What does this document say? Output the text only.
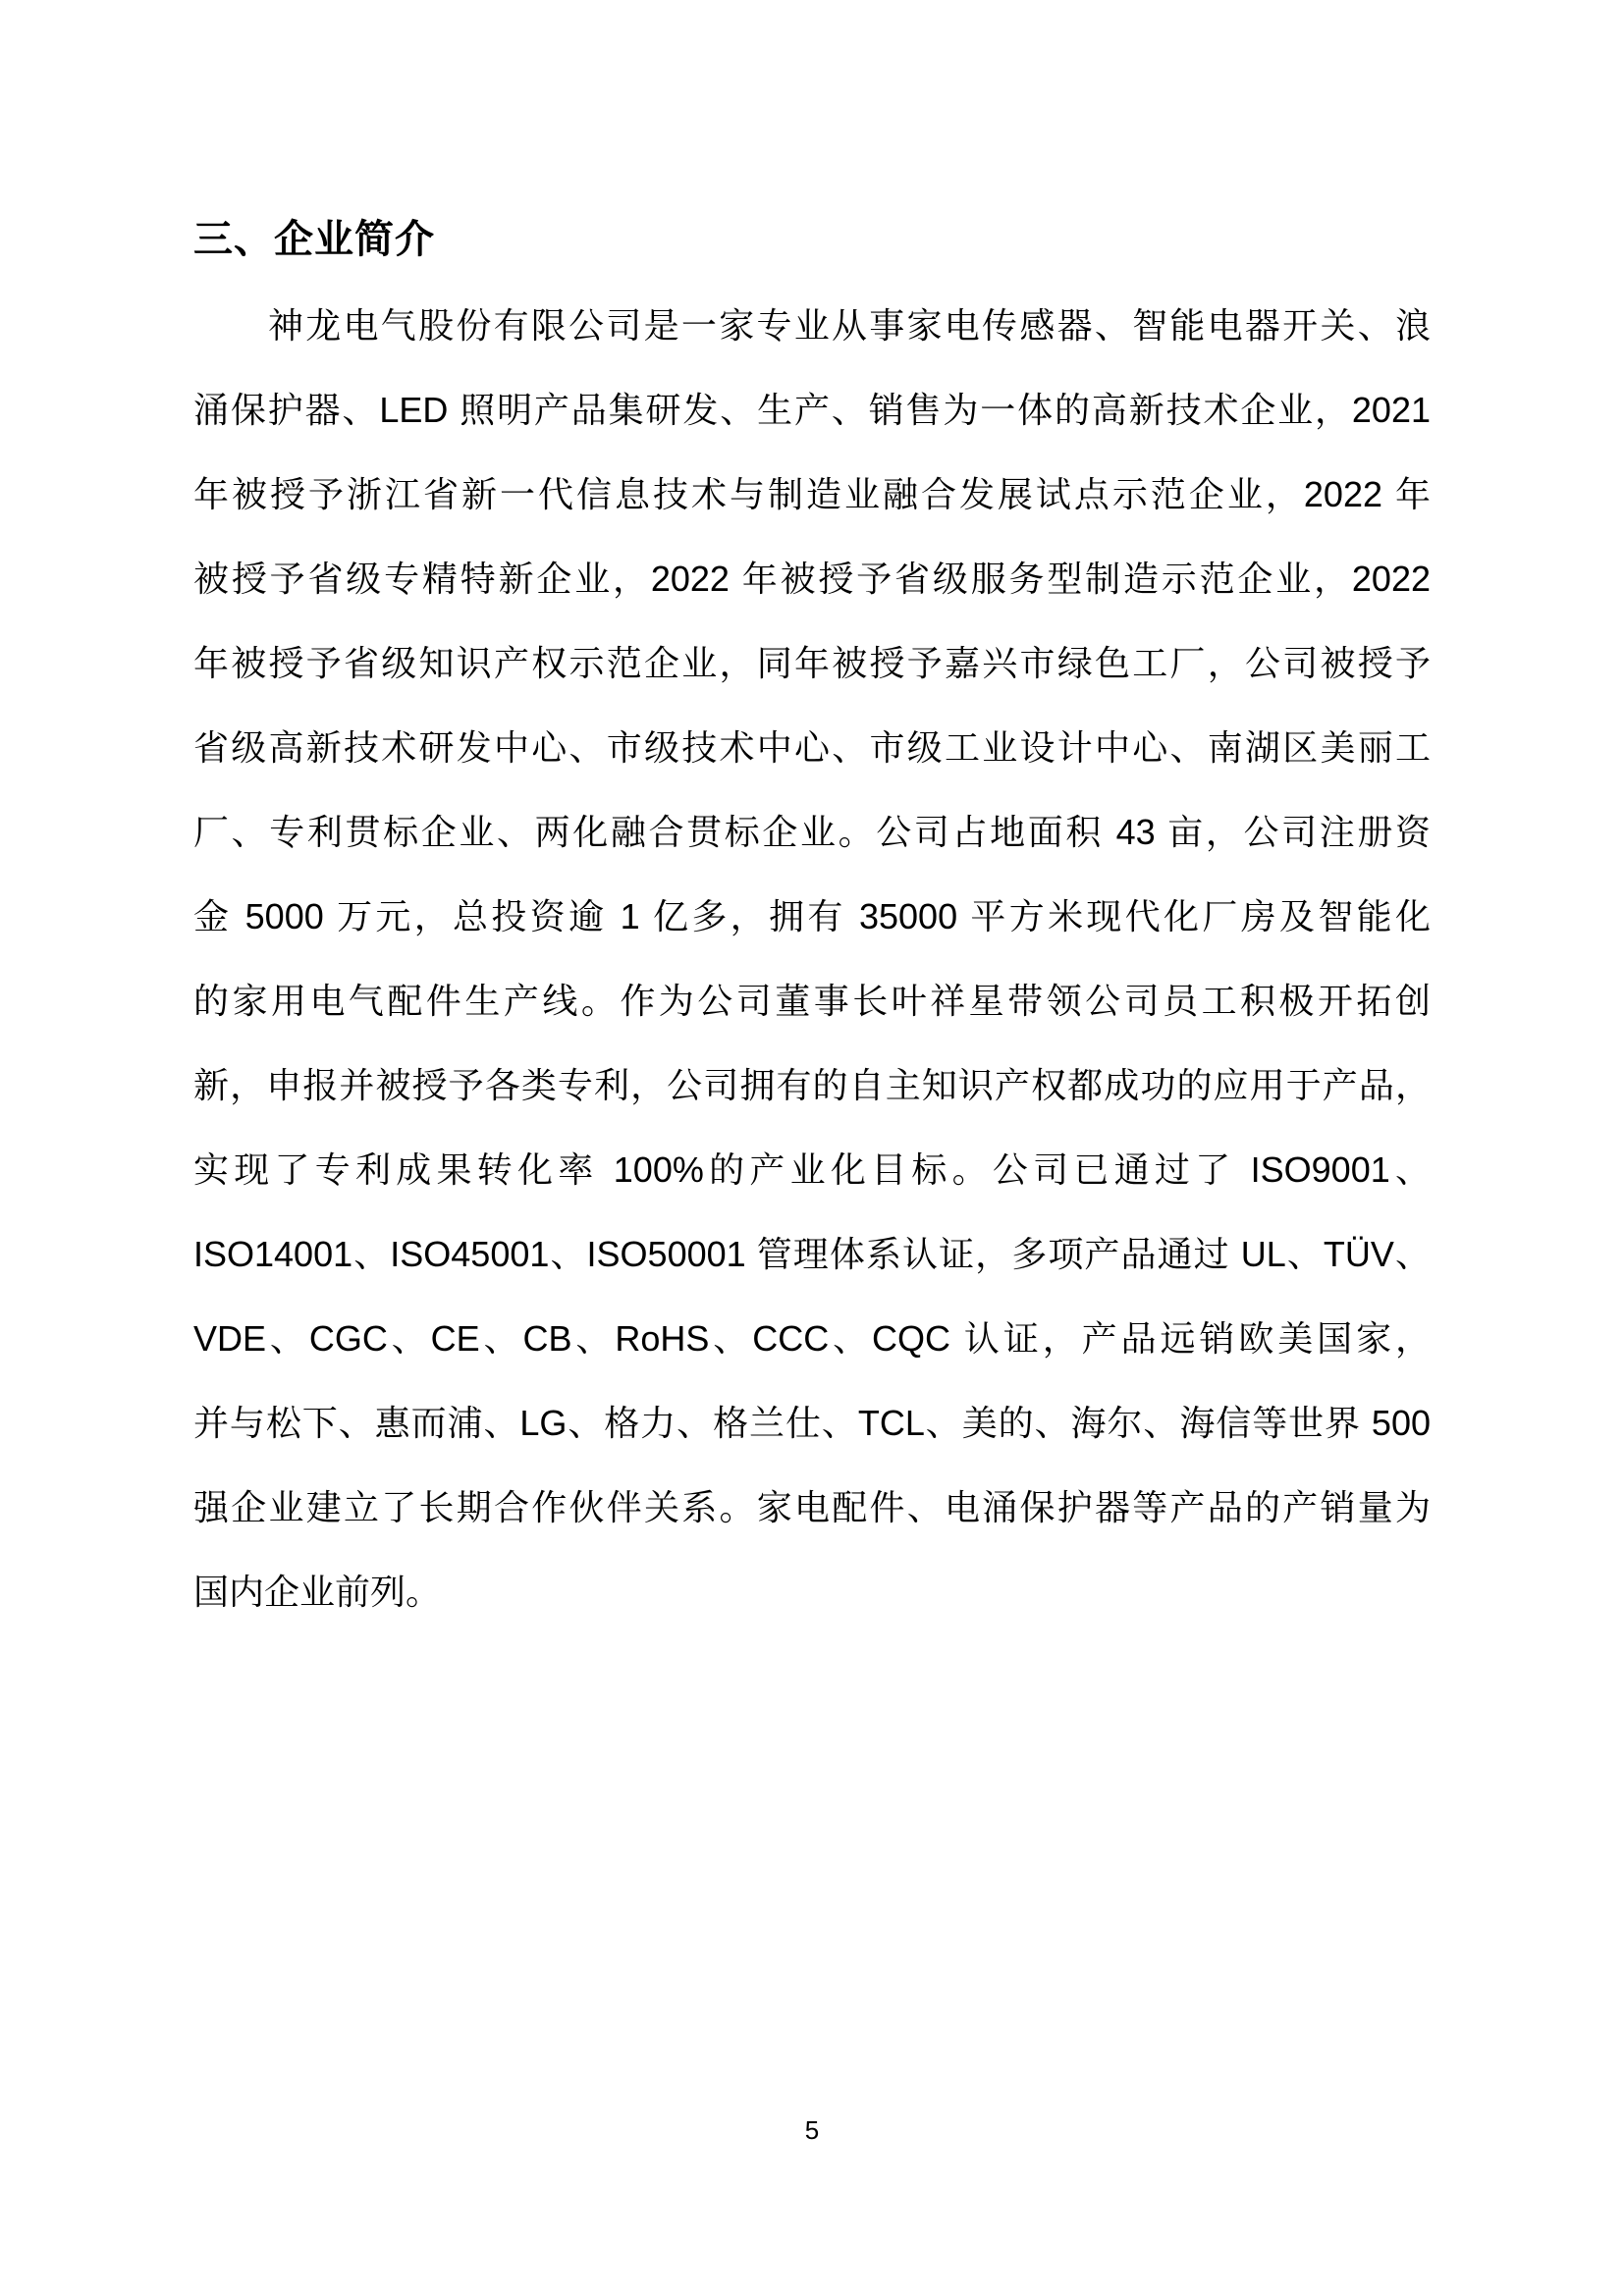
三、企业简介
神龙电气股份有限公司是一家专业从事家电传感器、智能电器开关、浪
涌保护器、LED 照明产品集研发、生产、销售为一体的高新技术企业，2021
年被授予浙江省新一代信息技术与制造业融合发展试点示范企业，2022 年
被授予省级专精特新企业，2022 年被授予省级服务型制造示范企业，2022
年被授予省级知识产权示范企业，同年被授予嘉兴市绿色工厂，公司被授予
省级高新技术研发中心、市级技术中心、市级工业设计中心、南湖区美丽工
厂、专利贯标企业、两化融合贯标企业。公司占地面积 43 亩，公司注册资
金 5000 万元，总投资逾 1 亿多，拥有 35000 平方米现代化厂房及智能化
的家用电气配件生产线。作为公司董事长叶祥星带领公司员工积极开拓创
新，申报并被授予各类专利，公司拥有的自主知识产权都成功的应用于产品，
实现了专利成果转化率 100%的产业化目标。公司已通过了 ISO9001、
ISO14001、ISO45001、ISO50001 管理体系认证，多项产品通过 UL、TÜV、
VDE、CGC、CE、CB、RoHS、CCC、CQC 认证，产品远销欧美国家，
并与松下、惠而浦、LG、格力、格兰仕、TCL、美的、海尔、海信等世界 500
强企业建立了长期合作伙伴关系。家电配件、电涌保护器等产品的产销量为
国内企业前列。
5
